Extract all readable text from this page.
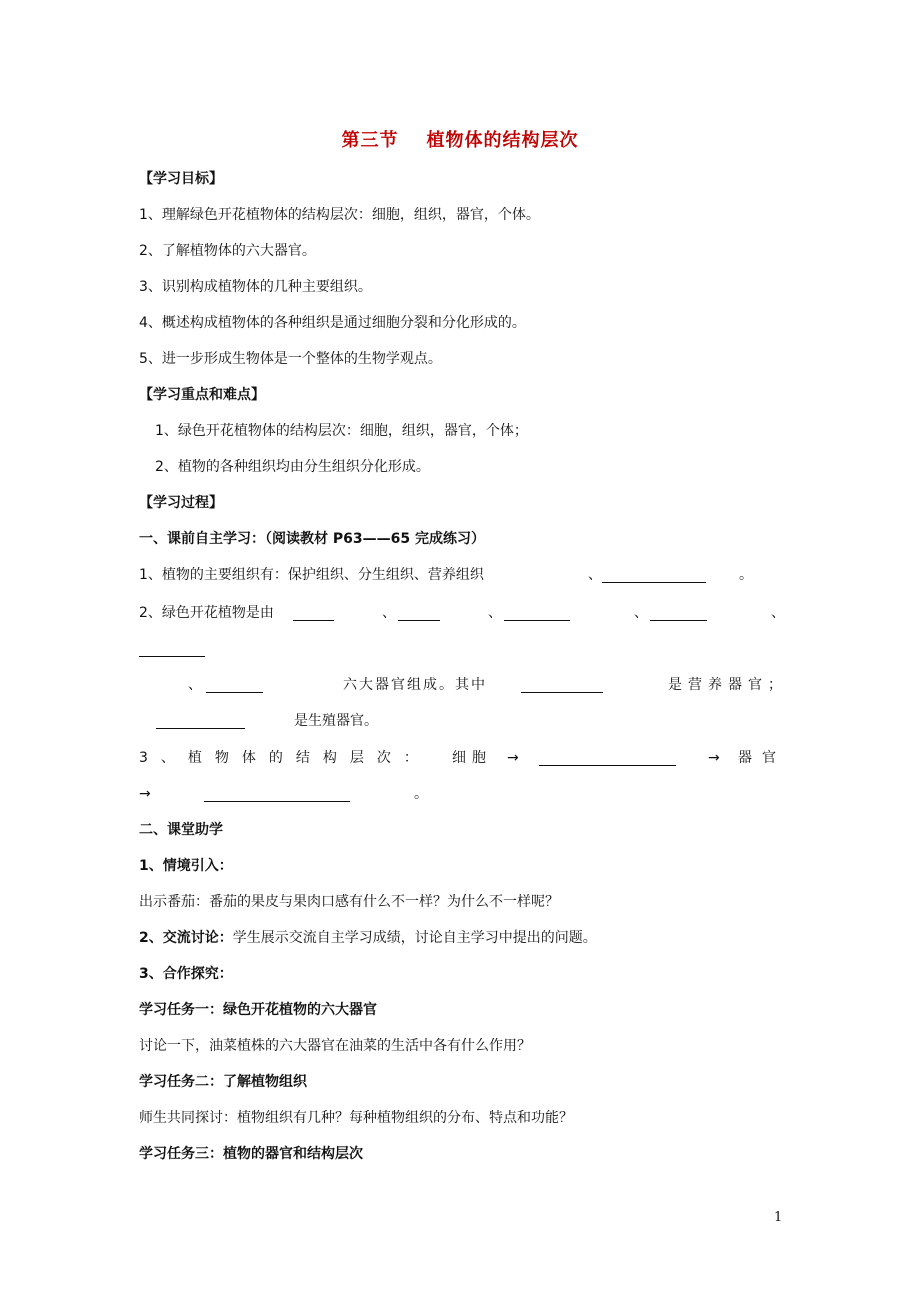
第三节 植物体的结构层次
【学习目标】
1、理解绿色开花植物体的结构层次：细胞，组织，器官，个体。
2、了解植物体的六大器官。
3、识别构成植物体的几种主要组织。
4、概述构成植物体的各种组织是通过细胞分裂和分化形成的。
5、进一步形成生物体是一个整体的生物学观点。
【学习重点和难点】
1、绿色开花植物体的结构层次：细胞，组织，器官，个体；
2、植物的各种组织均由分生组织分化形成。
【学习过程】
一、课前自主学习：（阅读教材 P63——65 完成练习）
1、植物的主要组织有：保护组织、分生组织、营养组织	、	。
2、绿色开花植物是由	、	、	、	、
、	六大器官组成。其中	是营养器官；
是生殖器官。
3、植物体的结构层次： 细胞 →	→ 器官
→	。
二、课堂助学
1、情境引入：
出示番茄：番茄的果皮与果肉口感有什么不一样？为什么不一样呢？
2、交流讨论：学生展示交流自主学习成绩，讨论自主学习中提出的问题。
3、合作探究：
学习任务一：绿色开花植物的六大器官
讨论一下，油菜植株的六大器官在油菜的生活中各有什么作用？
学习任务二：了解植物组织
师生共同探讨：植物组织有几种？每种植物组织的分布、特点和功能？
学习任务三：植物的器官和结构层次
1
